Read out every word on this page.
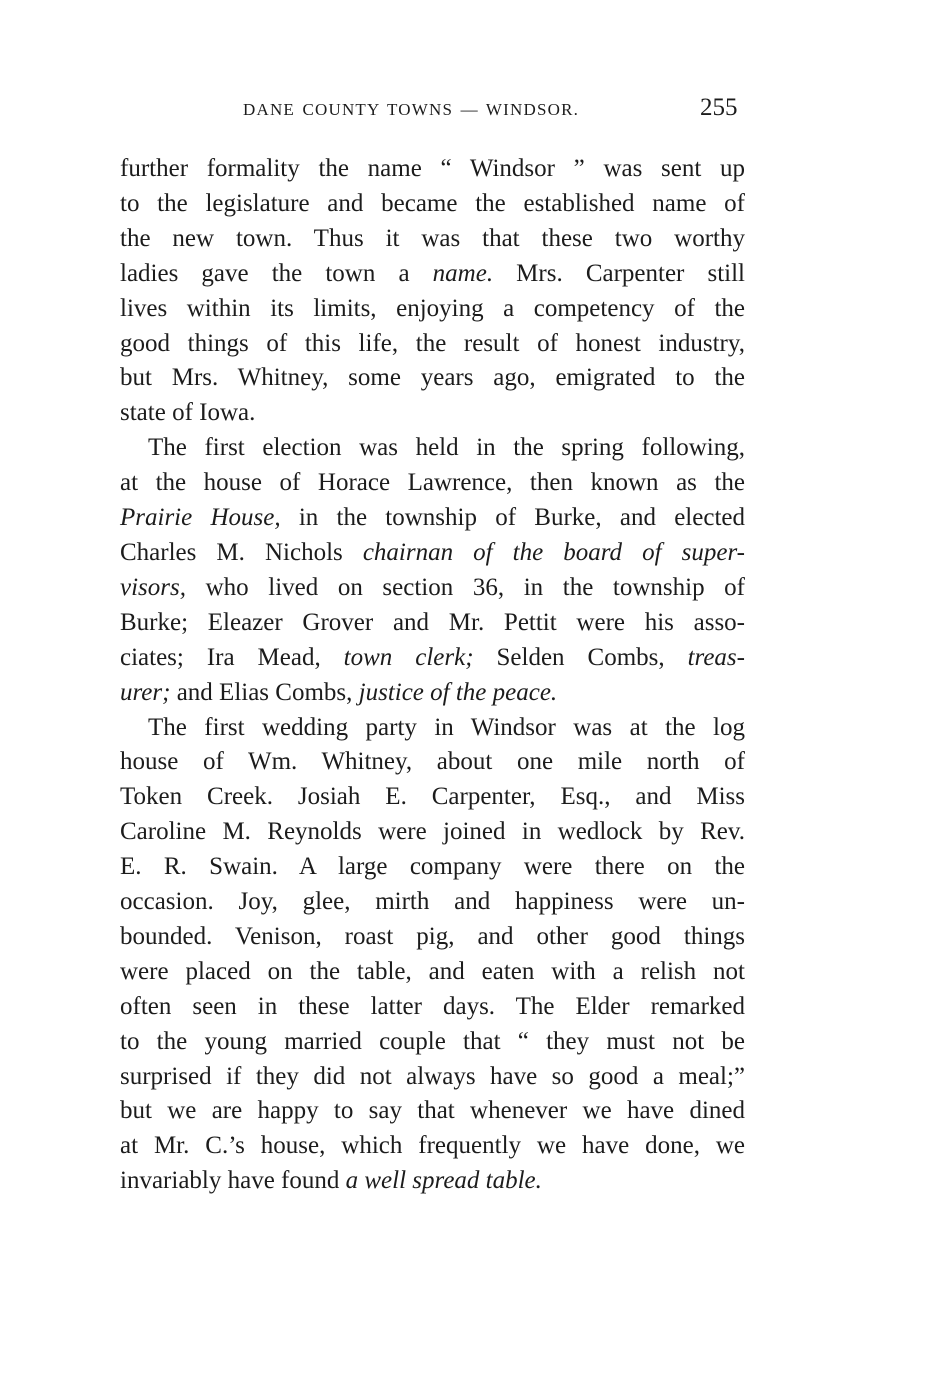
DANE COUNTY TOWNS — WINDSOR.	255
further formality the name “ Windsor ” was sent up
to the legislature and became the established name of
the new town. Thus it was that these two worthy
ladies gave the town a name. Mrs. Carpenter still
lives within its limits, enjoying a competency of the
good things of this life, the result of honest industry,
but Mrs. Whitney, some years ago, emigrated to the
state of Iowa.
The first election was held in the spring following,
at the house of Horace Lawrence, then known as the
Prairie House, in the township of Burke, and elected
Charles M. Nichols chairnan of the board of super-
visors, who lived on section 36, in the township of
Burke; Eleazer Grover and Mr. Pettit were his asso-
ciates; Ira Mead, town clerk; Selden Combs, treas-
urer; and Elias Combs, justice of the peace.
The first wedding party in Windsor was at the log
house of Wm. Whitney, about one mile north of
Token Creek. Josiah E. Carpenter, Esq., and Miss
Caroline M. Reynolds were joined in wedlock by Rev.
E. R. Swain. A large company were there on the
occasion. Joy, glee, mirth and happiness were un-
bounded. Venison, roast pig, and other good things
were placed on the table, and eaten with a relish not
often seen in these latter days. The Elder remarked
to the young married couple that “ they must not be
surprised if they did not always have so good a meal;”
but we are happy to say that whenever we have dined
at Mr. C.’s house, which frequently we have done, we
invariably have found a well spread table.
